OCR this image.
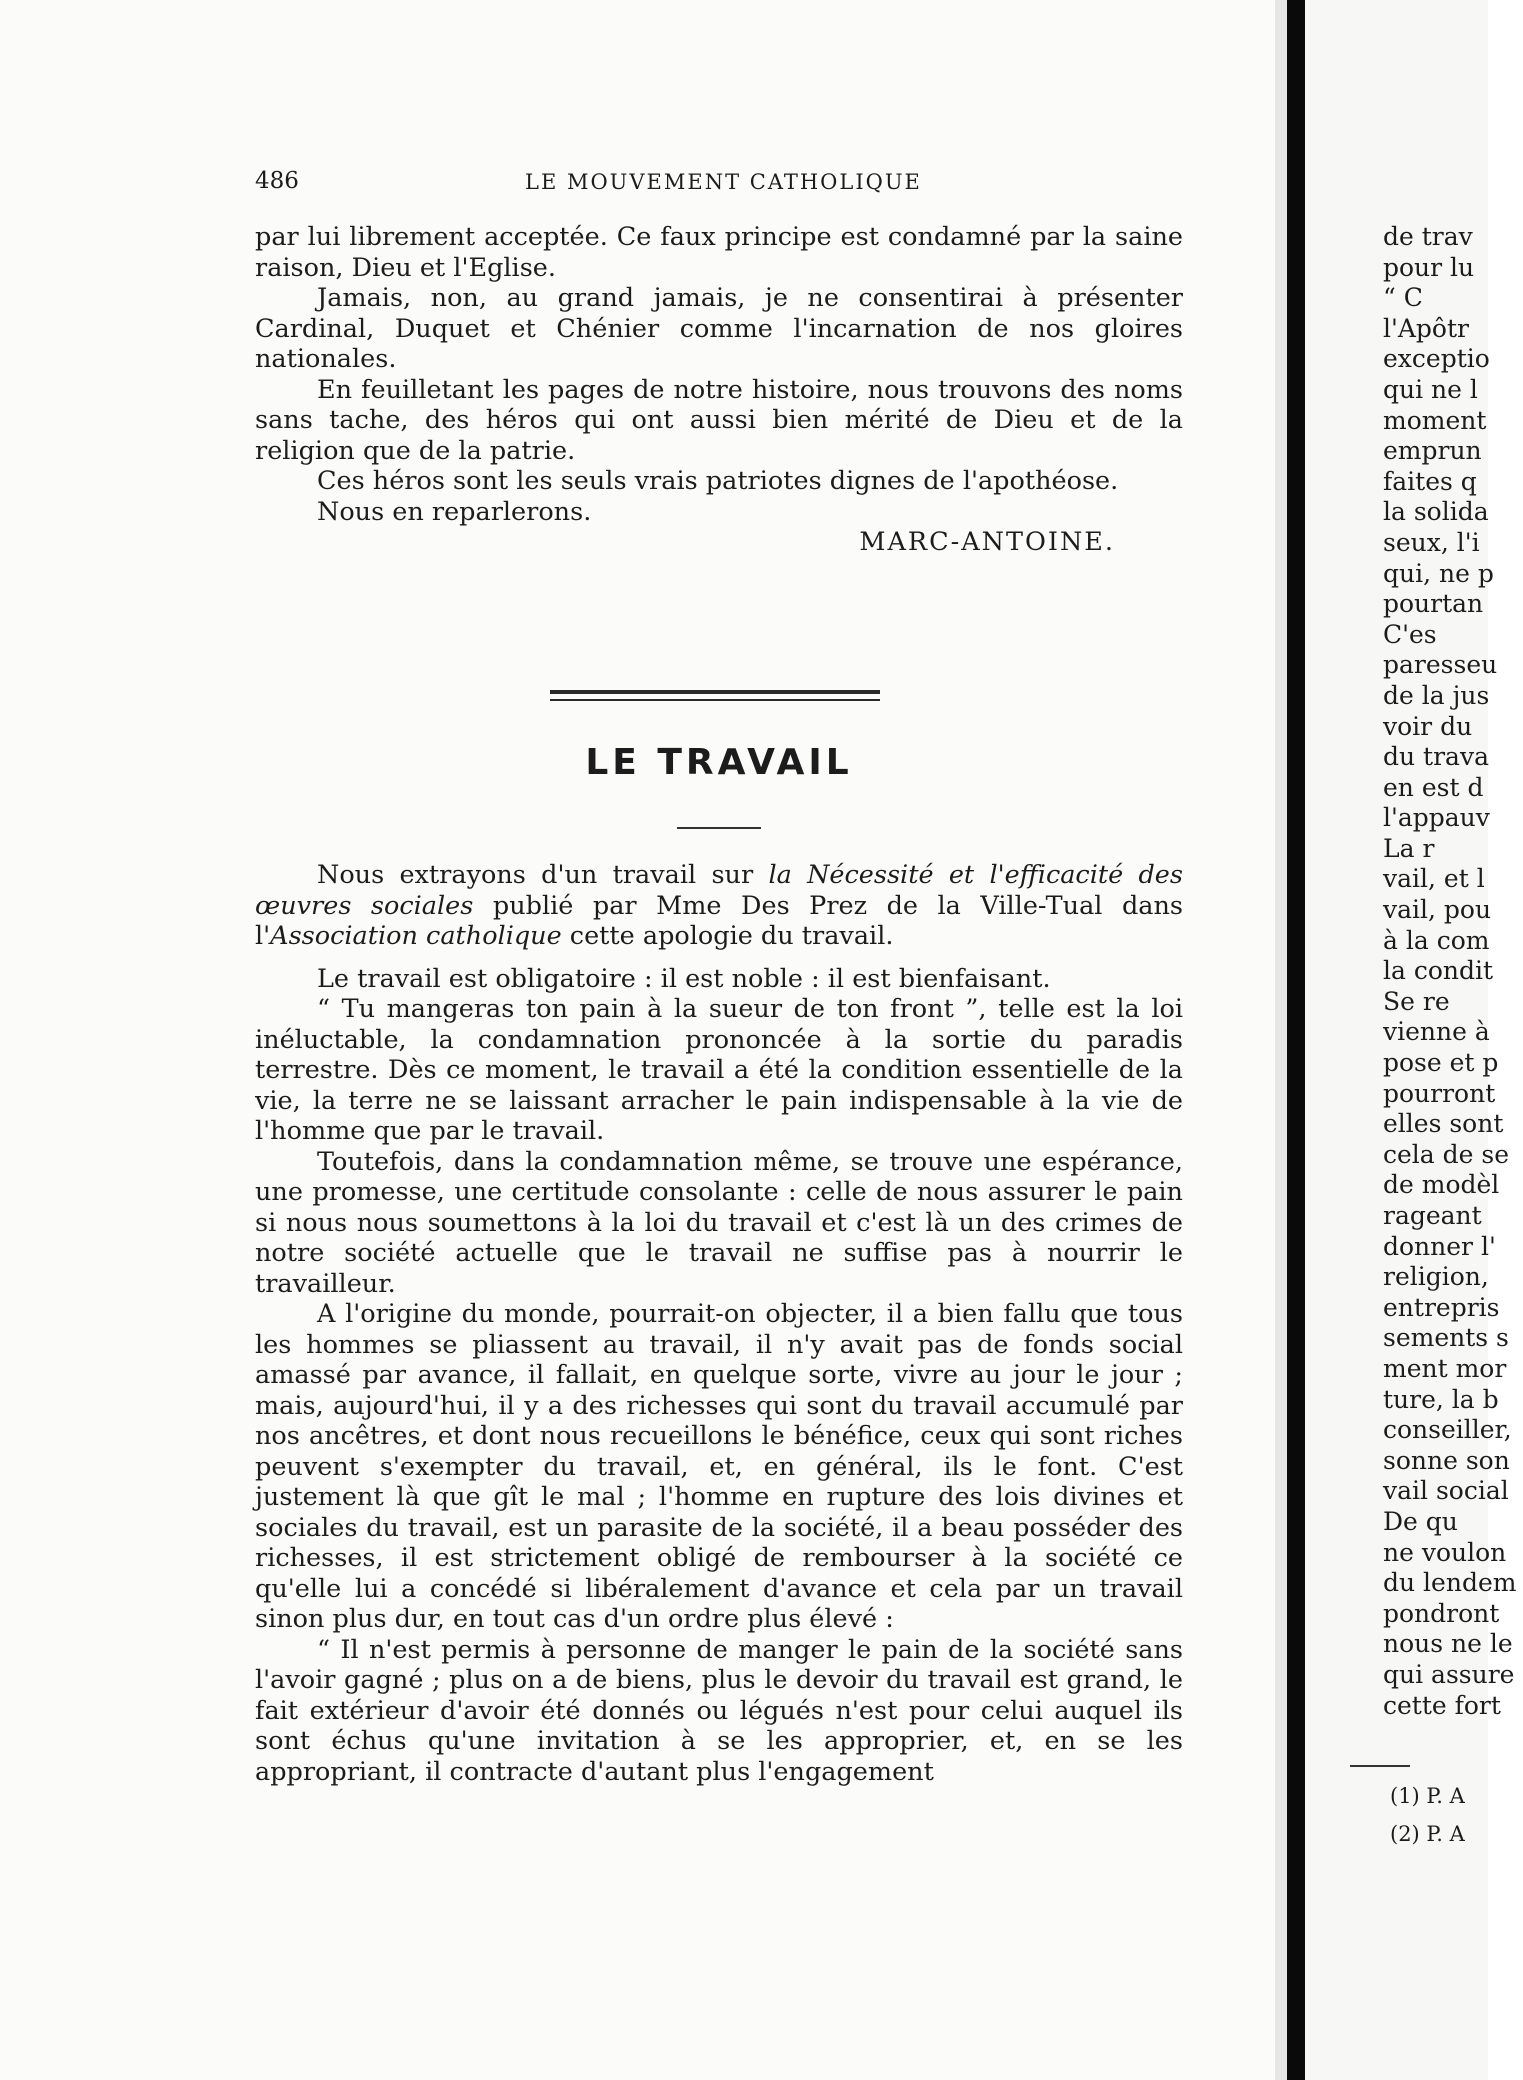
486	LE MOUVEMENT CATHOLIQUE

par lui librement acceptée. Ce faux principe est condamné par la saine raison, Dieu et l'Eglise.

Jamais, non, au grand jamais, je ne consentirai à présenter Cardinal, Duquet et Chénier comme l'incarnation de nos gloires nationales.

En feuilletant les pages de notre histoire, nous trouvons des noms sans tache, des héros qui ont aussi bien mérité de Dieu et de la religion que de la patrie.

Ces héros sont les seuls vrais patriotes dignes de l'apothéose.

Nous en reparlerons.

MARC-ANTOINE.

LE TRAVAIL

Nous extrayons d'un travail sur la Nécessité et l'efficacité des œuvres sociales publié par Mme Des Prez de la Ville-Tual dans l'Association catholique cette apologie du travail.

Le travail est obligatoire : il est noble : il est bienfaisant.

“ Tu mangeras ton pain à la sueur de ton front ”, telle est la loi inéluctable, la condamnation prononcée à la sortie du paradis terrestre. Dès ce moment, le travail a été la condition essentielle de la vie, la terre ne se laissant arracher le pain indispensable à la vie de l'homme que par le travail.

Toutefois, dans la condamnation même, se trouve une espérance, une promesse, une certitude consolante : celle de nous assurer le pain si nous nous soumettons à la loi du travail et c'est là un des crimes de notre société actuelle que le travail ne suffise pas à nourrir le travailleur.

A l'origine du monde, pourrait-on objecter, il a bien fallu que tous les hommes se pliassent au travail, il n'y avait pas de fonds social amassé par avance, il fallait, en quelque sorte, vivre au jour le jour ; mais, aujourd'hui, il y a des richesses qui sont du travail accumulé par nos ancêtres, et dont nous recueillons le bénéfice, ceux qui sont riches peuvent s'exempter du travail, et, en général, ils le font. C'est justement là que gît le mal ; l'homme en rupture des lois divines et sociales du travail, est un parasite de la société, il a beau posséder des richesses, il est strictement obligé de rembourser à la société ce qu'elle lui a concédé si libéralement d'avance et cela par un travail sinon plus dur, en tout cas d'un ordre plus élevé :

“ Il n'est permis à personne de manger le pain de la société sans l'avoir gagné ; plus on a de biens, plus le devoir du travail est grand, le fait extérieur d'avoir été donnés ou légués n'est pour celui auquel ils sont échus qu'une invitation à se les approprier, et, en se les appropriant, il contracte d'autant plus l'engagement

de trav
pour lu
“ C
l'Apôtr
exceptio
qui ne l
moment
emprun
faites q
la solida
seux, l'i
qui, ne p
pourtan
C'es
paresseu
de la jus
voir du
du trava
en est d
l'appauv
La r
vail, et l
vail, pou
à la com
la condit
Se re
vienne à
pose et p
pourront
elles sont
cela de se
de modèl
rageant
donner l'
religion,
entrepris
sements s
ment mor
ture, la b
conseiller,
sonne son
vail social
De qu
ne voulon
du lendem
pondront
nous ne le
qui assure
cette fort
(1) P. A
(2) P. A
